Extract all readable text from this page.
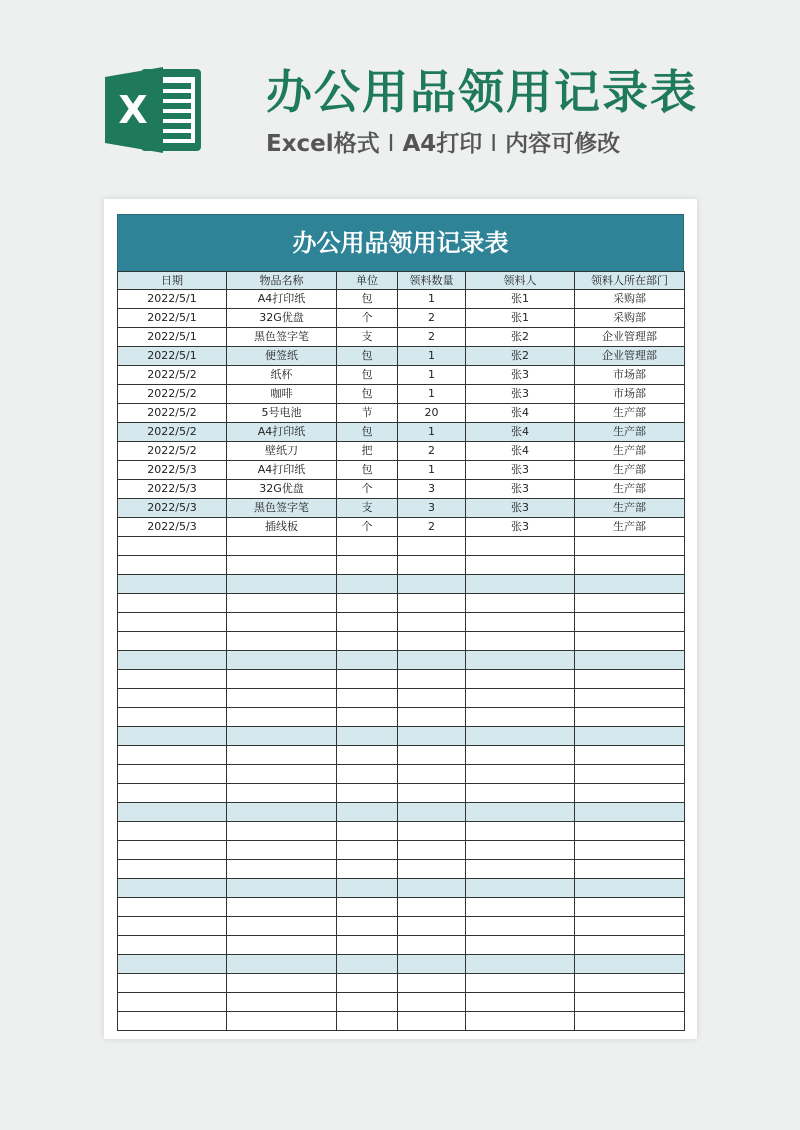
X	办公用品领用记录表
Excel格式 I A4打印 I 内容可修改
办公用品领用记录表
日期	物品名称	单位	领料数量	领料人	领料人所在部门
2022/5/1	A4打印纸	包	1	张1	采购部
2022/5/1	32G优盘	个	2	张1	采购部
2022/5/1	黑色签字笔	支	2	张2	企业管理部
2022/5/1	便签纸	包	1	张2	企业管理部
2022/5/2	纸杯	包	1	张3	市场部
2022/5/2	咖啡	包	1	张3	市场部
2022/5/2	5号电池	节	20	张4	生产部
2022/5/2	A4打印纸	包	1	张4	生产部
2022/5/2	壁纸刀	把	2	张4	生产部
2022/5/3	A4打印纸	包	1	张3	生产部
2022/5/3	32G优盘	个	3	张3	生产部
2022/5/3	黑色签字笔	支	3	张3	生产部
2022/5/3	插线板	个	2	张3	生产部
